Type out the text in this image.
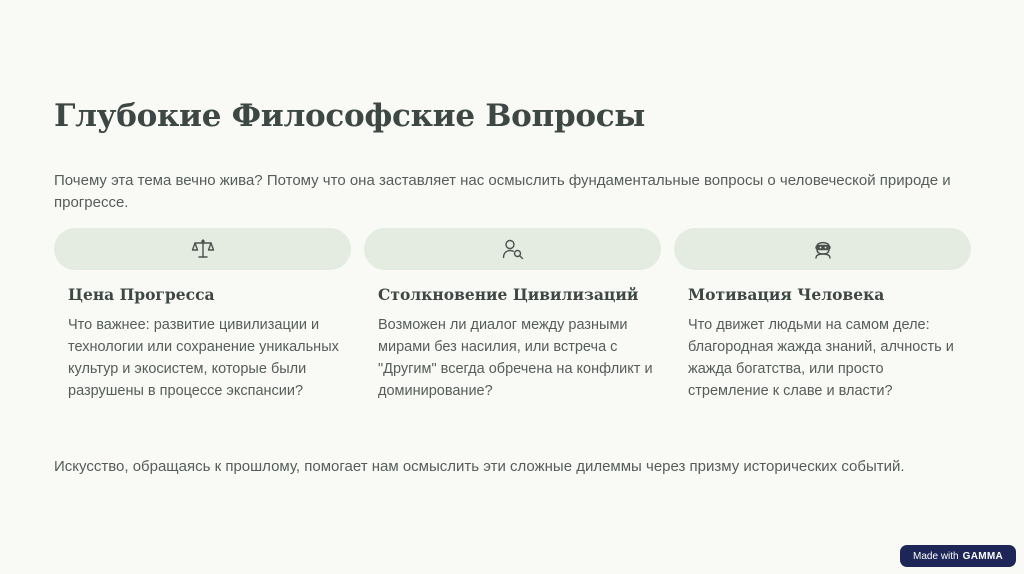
Глубокие Философские Вопросы

Почему эта тема вечно жива? Потому что она заставляет нас осмыслить фундаментальные вопросы о человеческой природе и прогрессе.

Цена Прогресса
Что важнее: развитие цивилизации и технологии или сохранение уникальных культур и экосистем, которые были разрушены в процессе экспансии?
Столкновение Цивилизаций
Возможен ли диалог между разными мирами без насилия, или встреча с "Другим" всегда обречена на конфликт и доминирование?
Мотивация Человека
Что движет людьми на самом деле: благородная жажда знаний, алчность и жажда богатства, или просто стремление к славе и власти?

Искусство, обращаясь к прошлому, помогает нам осмыслить эти сложные дилеммы через призму исторических событий.

Made with GAMMA
